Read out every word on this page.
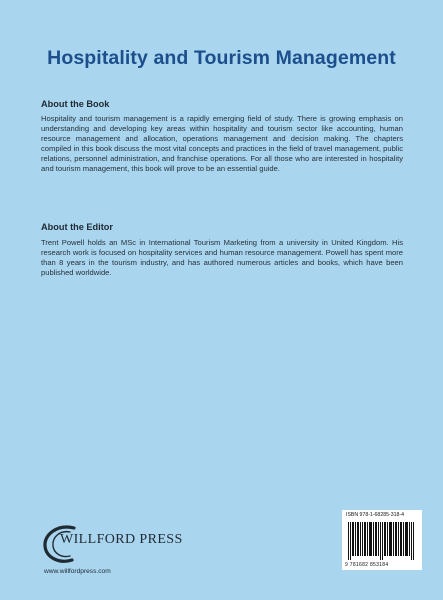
Hospitality and Tourism Management
About the Book
Hospitality and tourism management is a rapidly emerging field of study. There is growing emphasis on understanding and developing key areas within hospitality and tourism sector like accounting, human resource management and allocation, operations management and decision making. The chapters compiled in this book discuss the most vital concepts and practices in the field of travel management, public relations, personnel administration, and franchise operations. For all those who are interested in hospitality and tourism management, this book will prove to be an essential guide.
About the Editor
Trent Powell holds an MSc in International Tourism Marketing from a university in United Kingdom. His research work is focused on hospitality services and human resource management. Powell has spent more than 8 years in the tourism industry, and has authored numerous articles and books, which have been published worldwide.
WILLFORD PRESS
www.willfordpress.com
ISBN 978-1-68285-318-4
9 781682 853184
